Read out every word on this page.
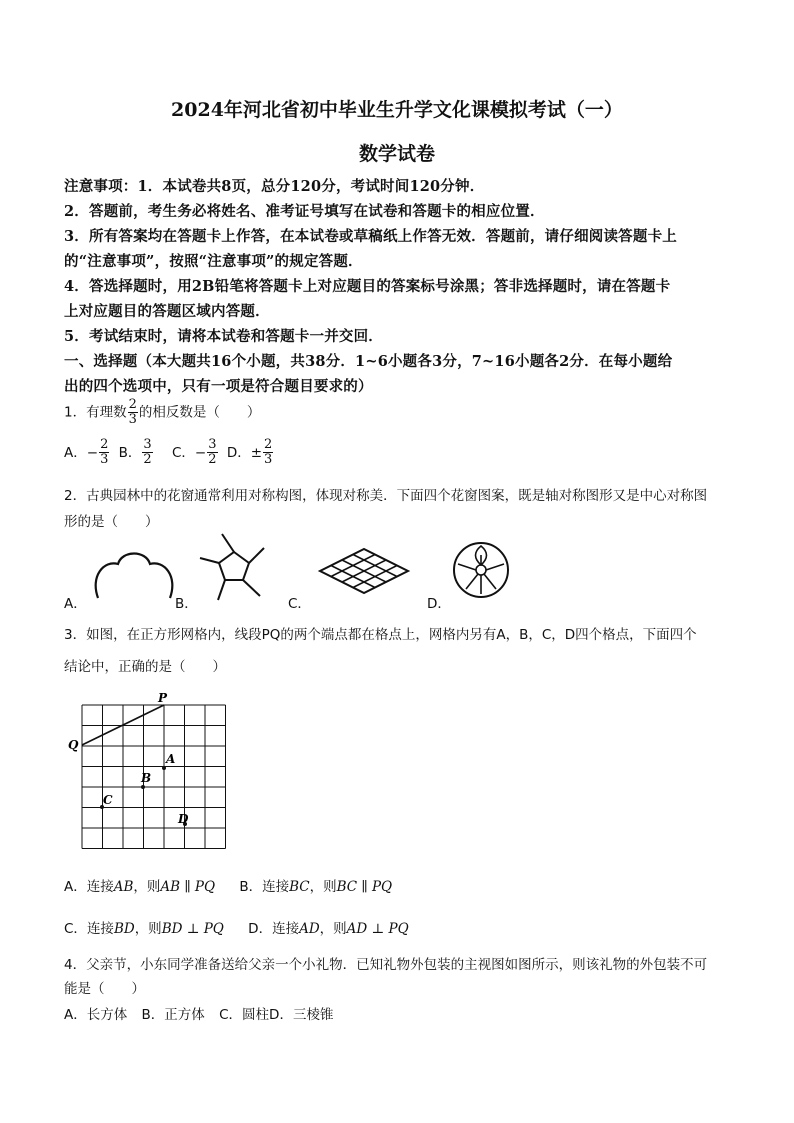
2024年河北省初中毕业生升学文化课模拟考试（一）
数学试卷
注意事项：1．本试卷共8页，总分120分，考试时间120分钟．
2．答题前，考生务必将姓名、准考证号填写在试卷和答题卡的相应位置．
3．所有答案均在答题卡上作答，在本试卷或草稿纸上作答无效．答题前，请仔细阅读答题卡上
的“注意事项”，按照“注意事项”的规定答题．
4．答选择题时，用2B铅笔将答题卡上对应题目的答案标号涂黑；答非选择题时，请在答题卡
上对应题目的答题区域内答题．
5．考试结束时，请将本试卷和答题卡一并交回．
一、选择题（本大题共16个小题，共38分．1~6小题各3分，7~16小题各2分．在每小题给
出的四个选项中，只有一项是符合题目要求的）
1．有理数 $\frac{2}{3}$ 的相反数是（　　）
A．− $\frac{2}{3}$ B． $\frac{3}{2}$ C．− $\frac{3}{2}$ D．± $\frac{2}{3}$
2．古典园林中的花窗通常利用对称构图，体现对称美．下面四个花窗图案，既是轴对称图形又是中心对称图
形的是（　　）
A．	B．	C．	D．
3．如图，在正方形网格内，线段PQ的两个端点都在格点上，网格内另有A，B，C，D四个格点，下面四个
结论中，正确的是（　　）
P
Q
A
B
C
D
A．连接AB，则AB ∥ PQ B．连接BC，则BC ∥ PQ
C．连接BD，则BD ⊥ PQ D．连接AD，则AD ⊥ PQ
4．父亲节，小东同学准备送给父亲一个小礼物．已知礼物外包装的主视图如图所示，则该礼物的外包装不可
能是（　　）
A．长方体 B．正方体 C．圆柱D．三棱锥
